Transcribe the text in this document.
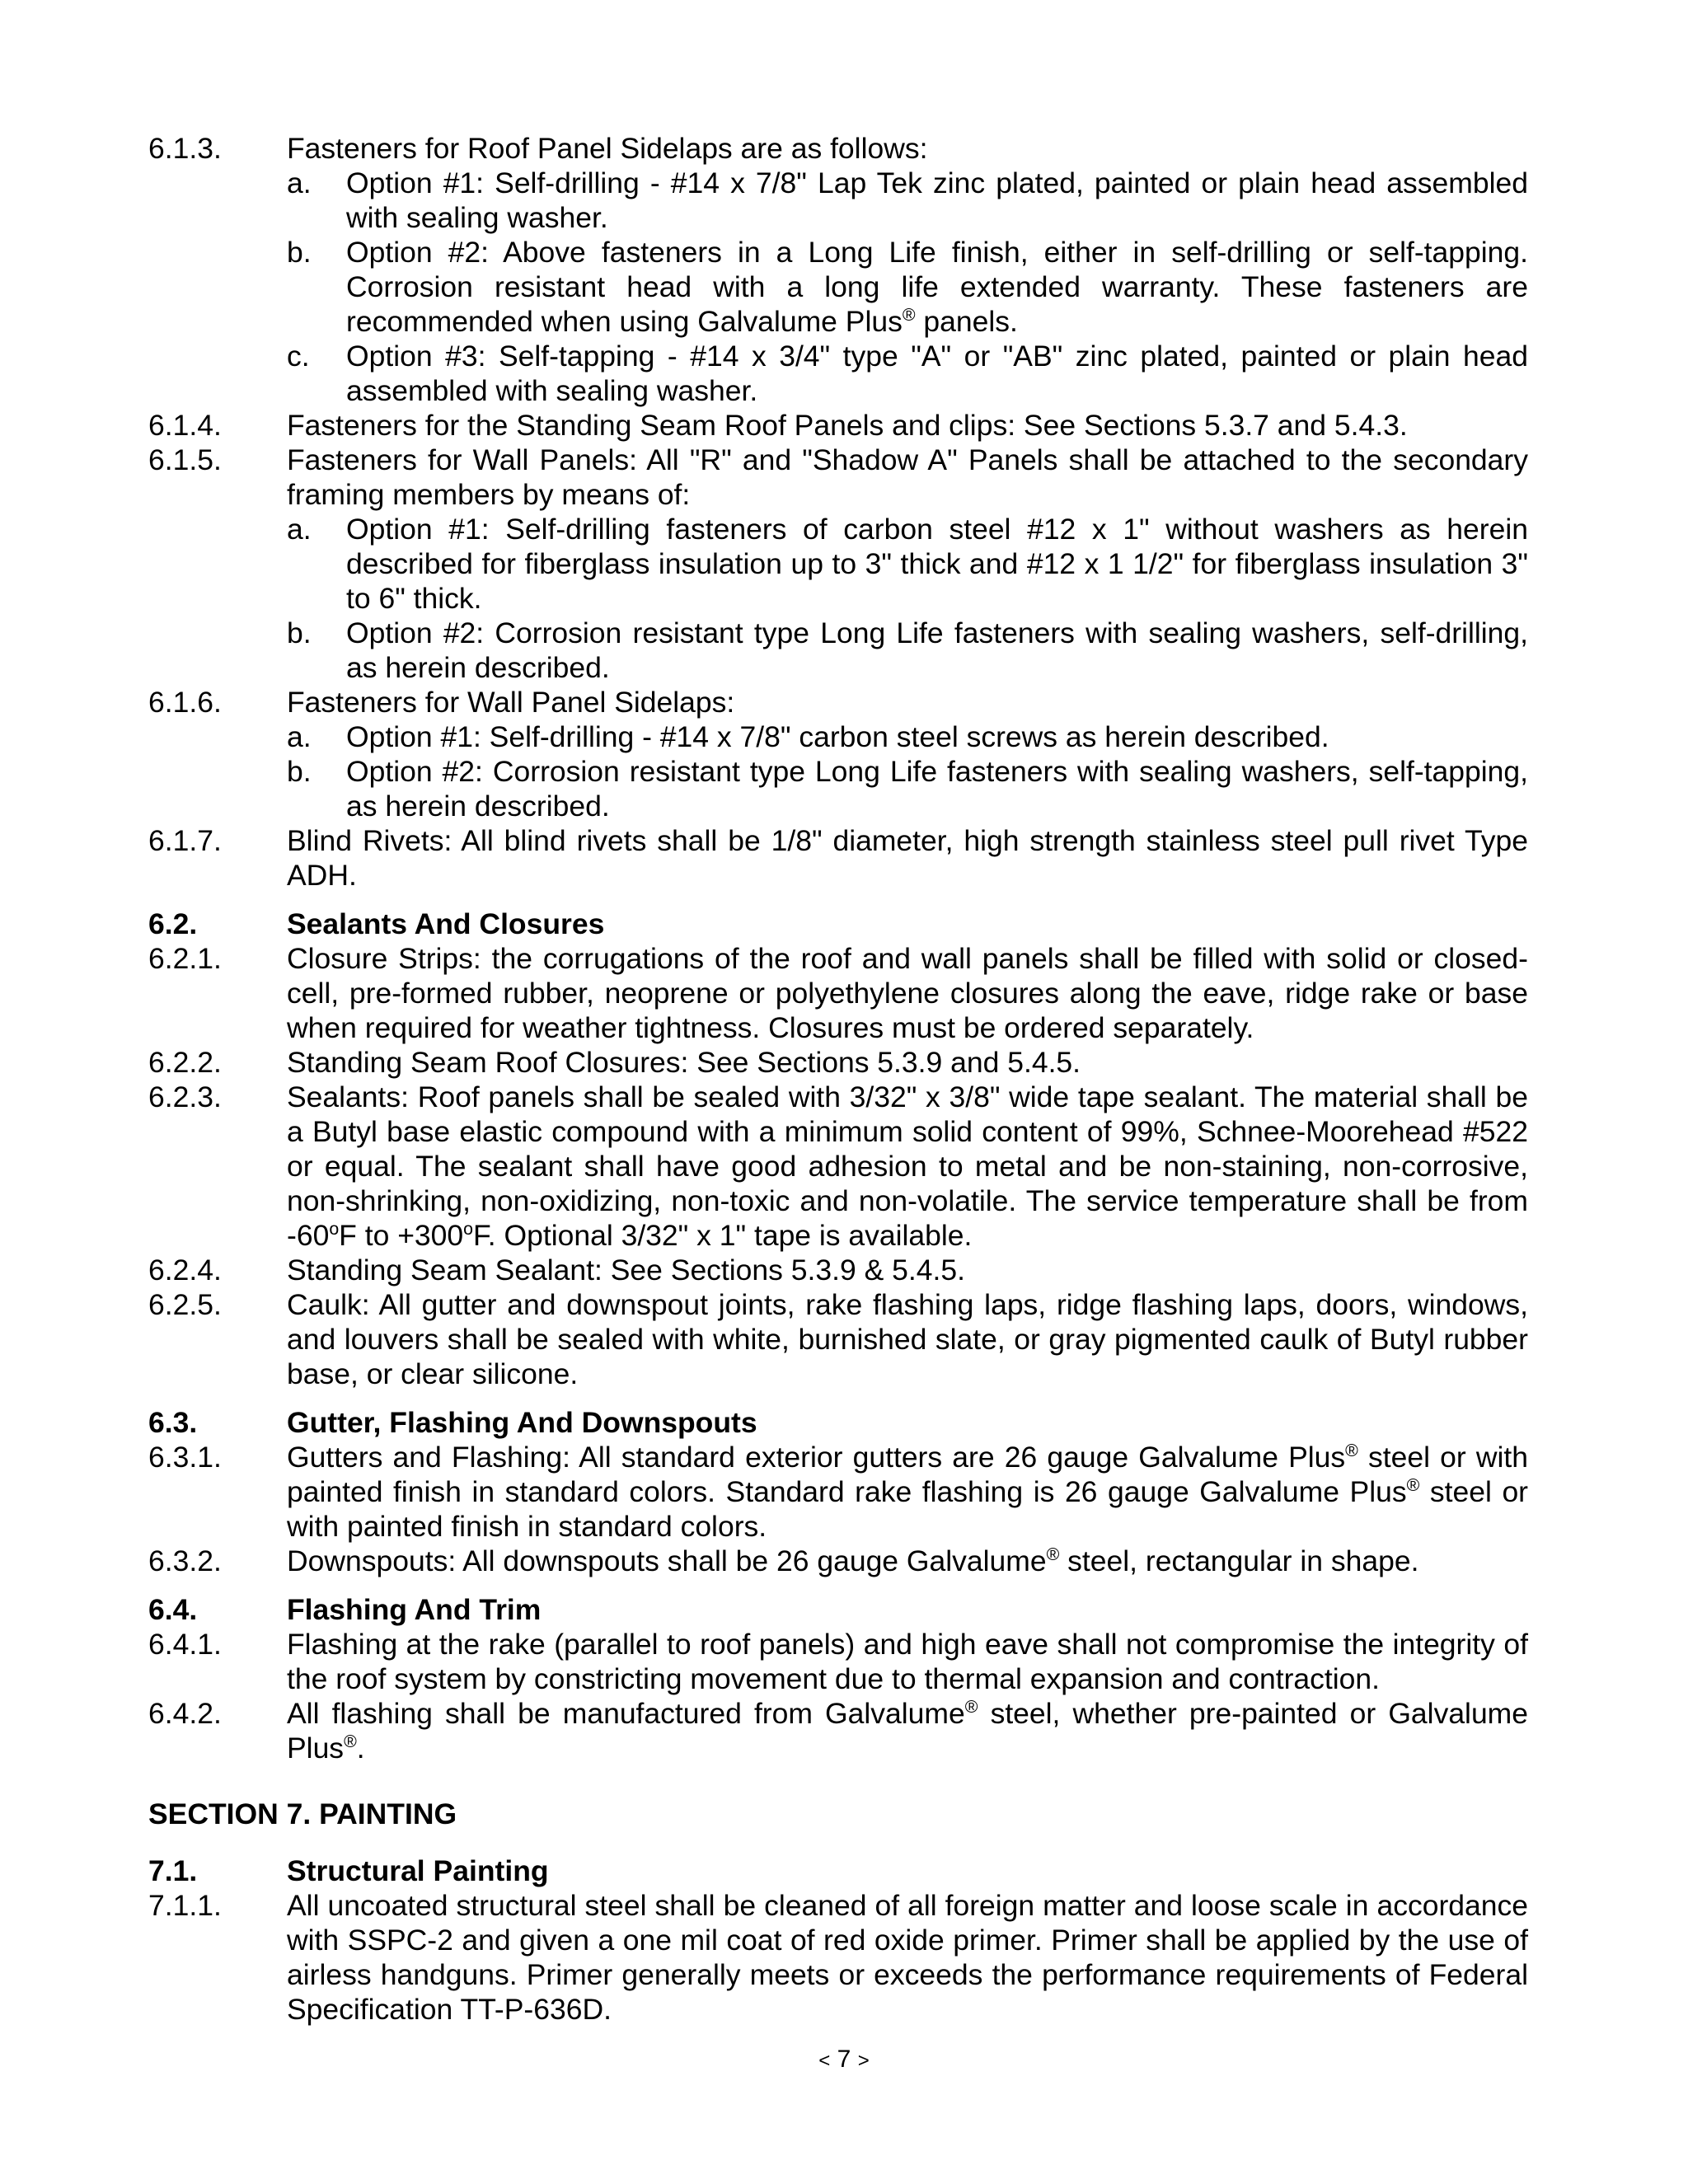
6.1.3.	Fasteners for Roof Panel Sidelaps are as follows:
a.	Option #1: Self-drilling - #14 x 7/8" Lap Tek zinc plated, painted or plain head assembled with sealing washer.
b.	Option #2: Above fasteners in a Long Life finish, either in self-drilling or self-tapping. Corrosion resistant head with a long life extended warranty. These fasteners are recommended when using Galvalume Plus® panels.
c.	Option #3: Self-tapping - #14 x 3/4" type "A" or "AB" zinc plated, painted or plain head assembled with sealing washer.
6.1.4.	Fasteners for the Standing Seam Roof Panels and clips: See Sections 5.3.7 and 5.4.3.
6.1.5.	Fasteners for Wall Panels: All "R" and "Shadow A" Panels shall be attached to the secondary framing members by means of:
a.	Option #1: Self-drilling fasteners of carbon steel #12 x 1" without washers as herein described for fiberglass insulation up to 3" thick and #12 x 1 1/2" for fiberglass insulation 3" to 6" thick.
b.	Option #2: Corrosion resistant type Long Life fasteners with sealing washers, self-drilling, as herein described.
6.1.6.	Fasteners for Wall Panel Sidelaps:
a.	Option #1: Self-drilling - #14 x 7/8" carbon steel screws as herein described.
b.	Option #2: Corrosion resistant type Long Life fasteners with sealing washers, self-tapping, as herein described.
6.1.7.	Blind Rivets: All blind rivets shall be 1/8" diameter, high strength stainless steel pull rivet Type ADH.
6.2.	Sealants And Closures
6.2.1.	Closure Strips: the corrugations of the roof and wall panels shall be filled with solid or closed-cell, pre-formed rubber, neoprene or polyethylene closures along the eave, ridge rake or base when required for weather tightness. Closures must be ordered separately.
6.2.2.	Standing Seam Roof Closures: See Sections 5.3.9 and 5.4.5.
6.2.3.	Sealants: Roof panels shall be sealed with 3/32" x 3/8" wide tape sealant. The material shall be a Butyl base elastic compound with a minimum solid content of 99%, Schnee-Moorehead #522 or equal. The sealant shall have good adhesion to metal and be non-staining, non-corrosive, non-shrinking, non-oxidizing, non-toxic and non-volatile. The service temperature shall be from -60$^o$F to $+300^oF$. Optional 3/32" x 1" tape is available.
6.2.4.	Standing Seam Sealant: See Sections 5.3.9 & 5.4.5.
6.2.5.	Caulk: All gutter and downspout joints, rake flashing laps, ridge flashing laps, doors, windows, and louvers shall be sealed with white, burnished slate, or gray pigmented caulk of Butyl rubber base, or clear silicone.
6.3.	Gutter, Flashing And Downspouts
6.3.1.	Gutters and Flashing: All standard exterior gutters are 26 gauge Galvalume Plus® steel or with painted finish in standard colors. Standard rake flashing is 26 gauge Galvalume Plus® steel or with painted finish in standard colors.
6.3.2.	Downspouts: All downspouts shall be 26 gauge Galvalume® steel, rectangular in shape.
6.4.	Flashing And Trim
6.4.1.	Flashing at the rake (parallel to roof panels) and high eave shall not compromise the integrity of the roof system by constricting movement due to thermal expansion and contraction.
6.4.2.	All flashing shall be manufactured from Galvalume® steel, whether pre-painted or Galvalume Plus®.
SECTION 7. PAINTING
7.1.	Structural Painting
7.1.1.	All uncoated structural steel shall be cleaned of all foreign matter and loose scale in accordance with SSPC-2 and given a one mil coat of red oxide primer. Primer shall be applied by the use of airless handguns. Primer generally meets or exceeds the performance requirements of Federal Specification TT-P-636D.
< 7 >
